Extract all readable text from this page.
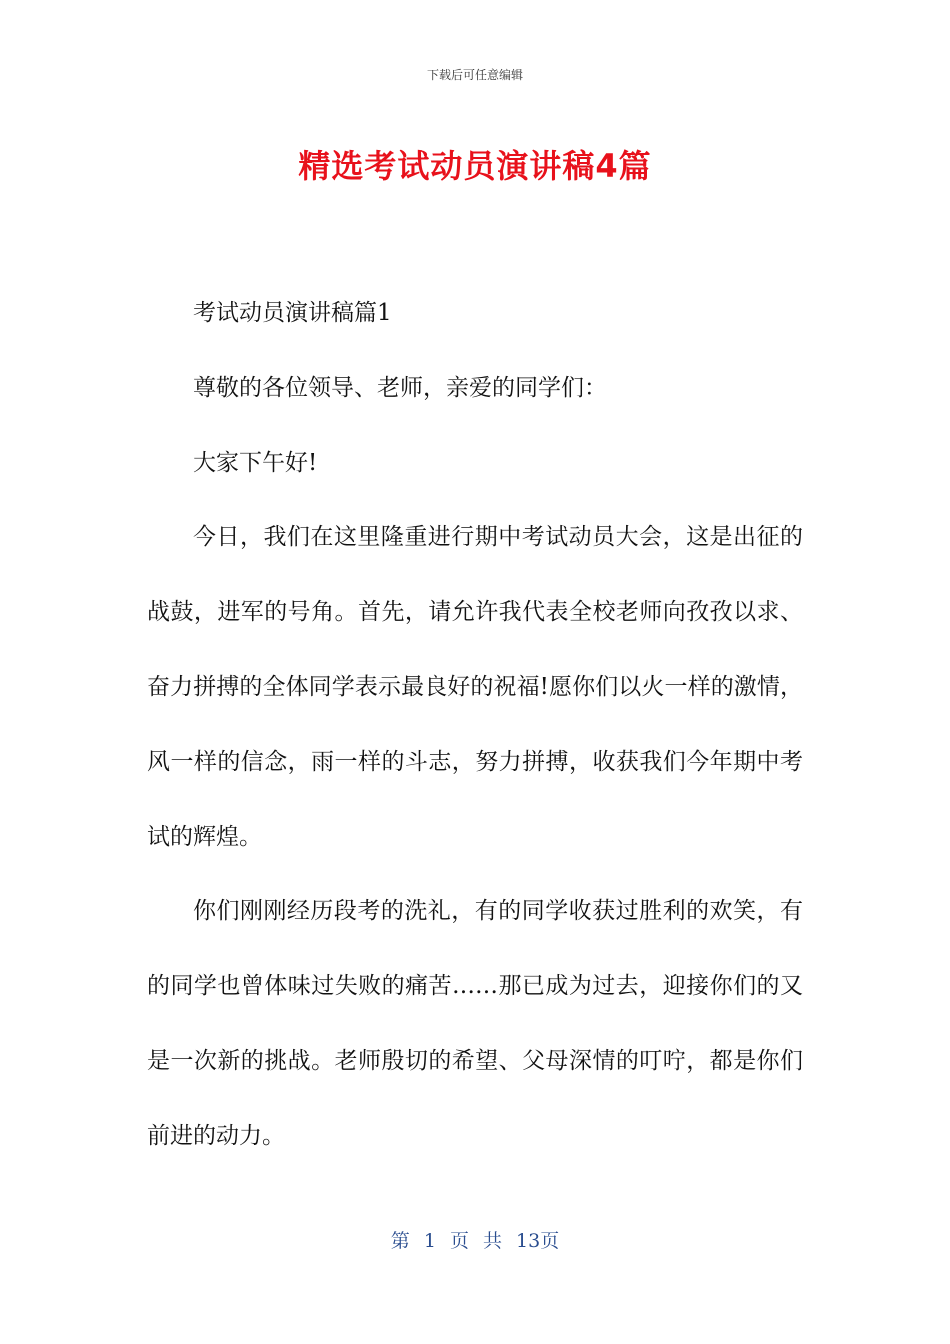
下载后可任意编辑
精选考试动员演讲稿4篇

考试动员演讲稿篇1

尊敬的各位领导、老师，亲爱的同学们：

大家下午好!

今日，我们在这里隆重进行期中考试动员大会，这是出征的战鼓，进军的号角。首先，请允许我代表全校老师向孜孜以求、奋力拼搏的全体同学表示最良好的祝福!愿你们以火一样的激情，风一样的信念，雨一样的斗志，努力拼搏，收获我们今年期中考试的辉煌。

你们刚刚经历段考的洗礼，有的同学收获过胜利的欢笑，有的同学也曾体味过失败的痛苦……那已成为过去，迎接你们的又是一次新的挑战。老师殷切的希望、父母深情的叮咛，都是你们前进的动力。

第 1 页 共 13页
